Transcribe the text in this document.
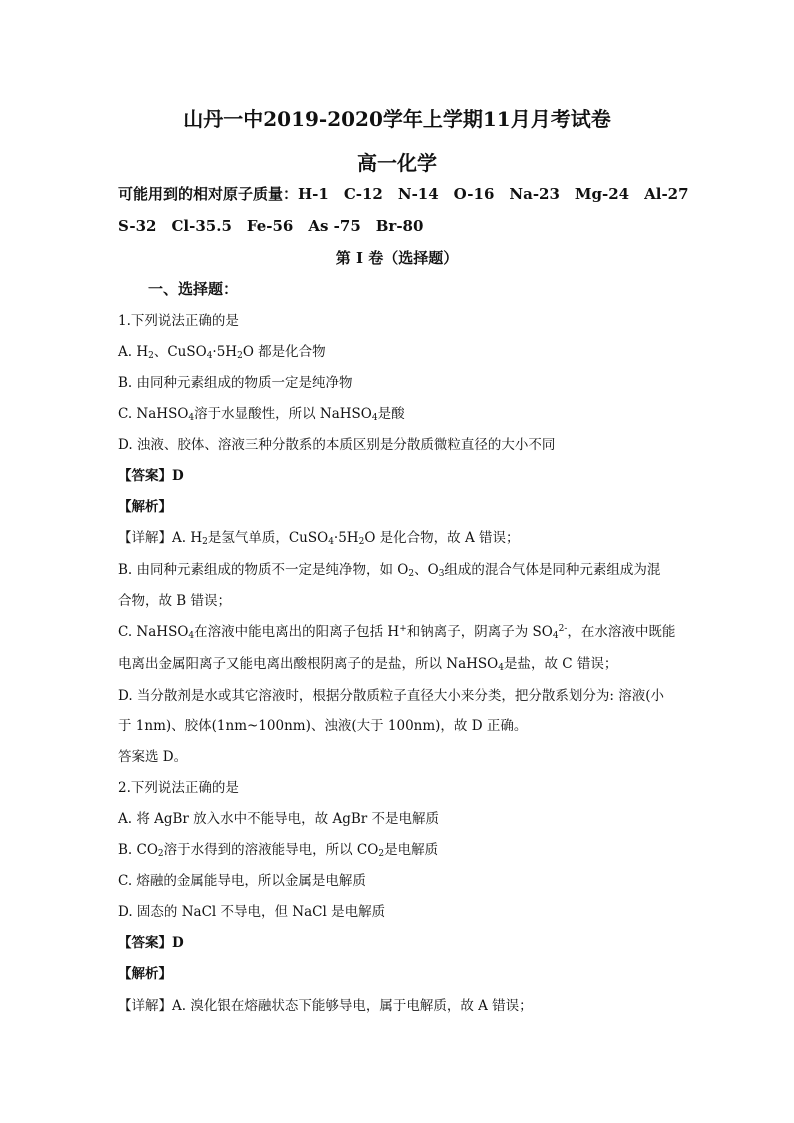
山丹一中2019-2020学年上学期11月月考试卷
高一化学
可能用到的相对原子质量：H-1　C-12　N-14　O-16　Na-23　Mg-24　Al-27
S-32　Cl-35.5　Fe-56　As -75　Br-80
第 I 卷（选择题）
一、选择题：
1.下列说法正确的是
A. $H_2$、$CuSO_4\cdot 5H_2O$ 都是化合物
B. 由同种元素组成的物质一定是纯净物
C. NaHSO$_4$溶于水显酸性，所以 NaHSO$_4$是酸
D. 浊液、胶体、溶液三种分散系的本质区别是分散质微粒直径的大小不同
【答案】D
【解析】
【详解】A. $H_2$是氢气单质，$CuSO_4\cdot 5H_2O$ 是化合物，故 A 错误；
B. 由同种元素组成的物质不一定是纯净物，如 $O_2$、$O_3$组成的混合气体是同种元素组成为混
合物，故 B 错误；
C. NaHSO$_4$在溶液中能电离出的阳离子包括 H+和钠离子，阴离子为 $SO_4^{2-}$，在水溶液中既能
电离出金属阳离子又能电离出酸根阴离子的是盐，所以 NaHSO$_4$是盐，故 C 错误；
D. 当分散剂是水或其它溶液时，根据分散质粒子直径大小来分类，把分散系划分为: 溶液(小
于 1nm)、胶体(1nm~100nm)、浊液(大于 100nm)，故 D 正确。
答案选 D。
2.下列说法正确的是
A. 将 AgBr 放入水中不能导电，故 AgBr 不是电解质
B. $CO_2$溶于水得到的溶液能导电，所以 $CO_2$是电解质
C. 熔融的金属能导电，所以金属是电解质
D. 固态的 NaCl 不导电，但 NaCl 是电解质
【答案】D
【解析】
【详解】A. 溴化银在熔融状态下能够导电，属于电解质，故 A 错误；
